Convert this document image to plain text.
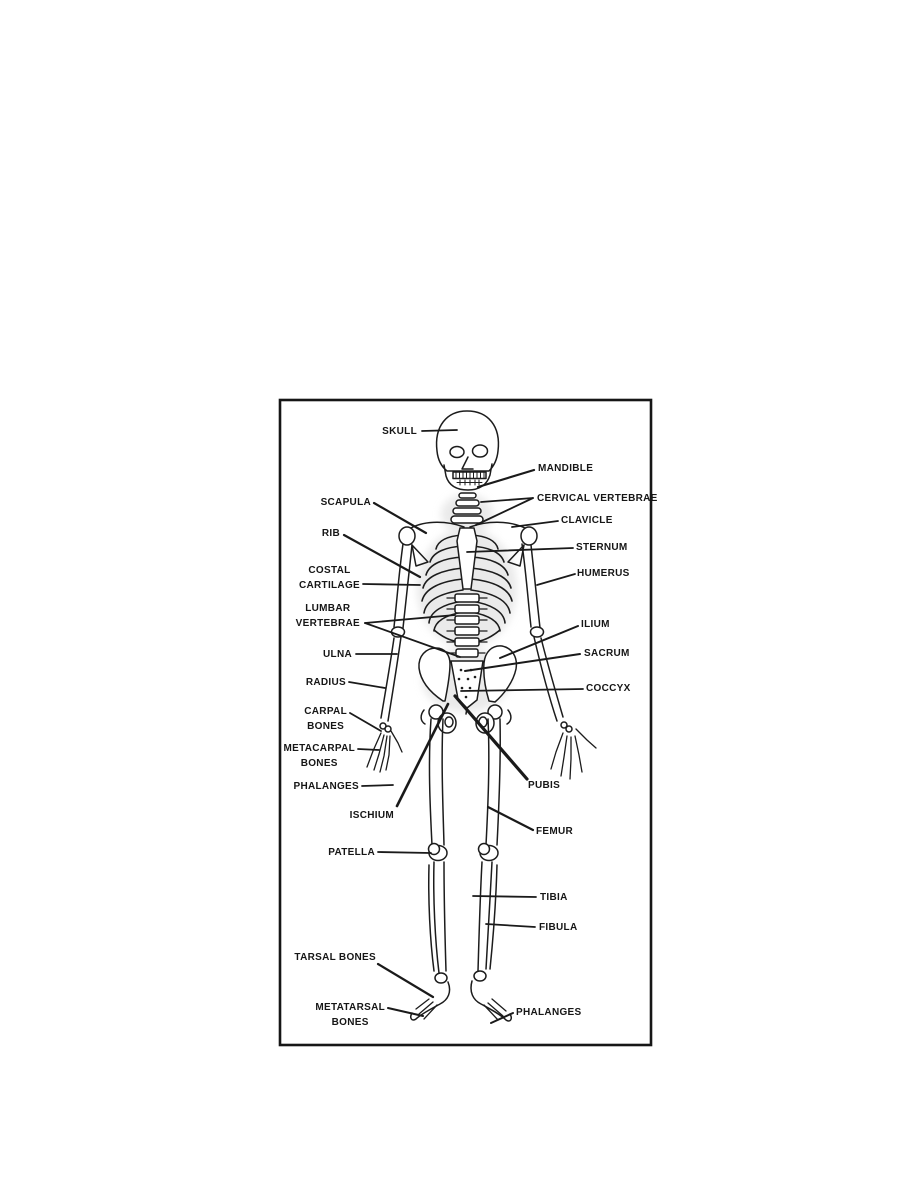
SKULL
MANDIBLE
CERVICAL VERTEBRAE
SCAPULA
CLAVICLE
RIB
STERNUM
COSTAL
CARTILAGE
HUMERUS
LUMBAR
VERTEBRAE	ILIUM
ULNA	SACRUM
RADIUS
COCCYX
CARPAL
BONES
METACARPAL
BONES
PHALANGES
ISCHIUM
PUBIS
FEMUR
PATELLA
TIBIA
FIBULA
TARSAL BONES
METATARSAL
BONES
PHALANGES
